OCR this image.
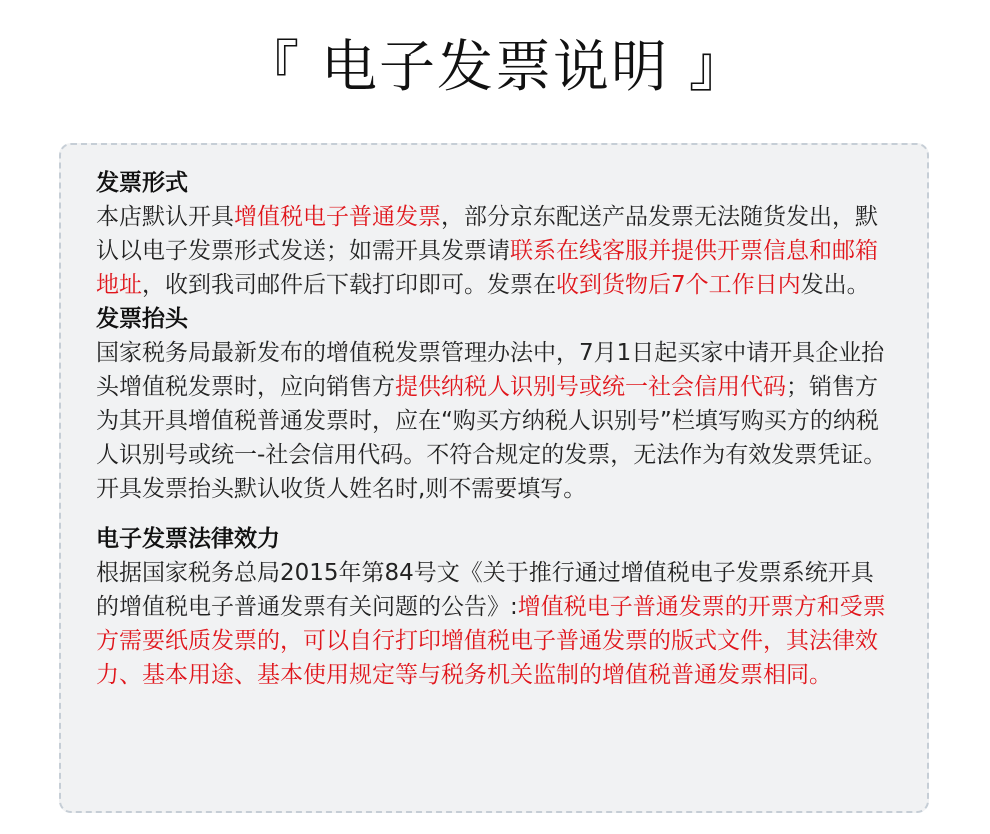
『 电子发票说明 』
发票形式
本店默认开具增值税电子普通发票，部分京东配送产品发票无法随货发出，默认以电子发票形式发送；如需开具发票请联系在线客服并提供开票信息和邮箱地址，收到我司邮件后下载打印即可。发票在收到货物后7个工作日内发出。
发票抬头
国家税务局最新发布的增值税发票管理办法中，7月1日起买家中请开具企业抬头增值税发票时，应向销售方提供纳税人识别号或统一社会信用代码；销售方为其开具增值税普通发票时，应在“购买方纳税人识别号”栏填写购买方的纳税人识别号或统一-社会信用代码。不符合规定的发票，无法作为有效发票凭证。开具发票抬头默认收货人姓名时,则不需要填写。
电子发票法律效力
根据国家税务总局2015年第84号文《关于推行通过增值税电子发票系统开具的增值税电子普通发票有关问题的公告》:增值税电子普通发票的开票方和受票方需要纸质发票的，可以自行打印增值税电子普通发票的版式文件，其法律效力、基本用途、基本使用规定等与税务机关监制的增值税普通发票相同。
